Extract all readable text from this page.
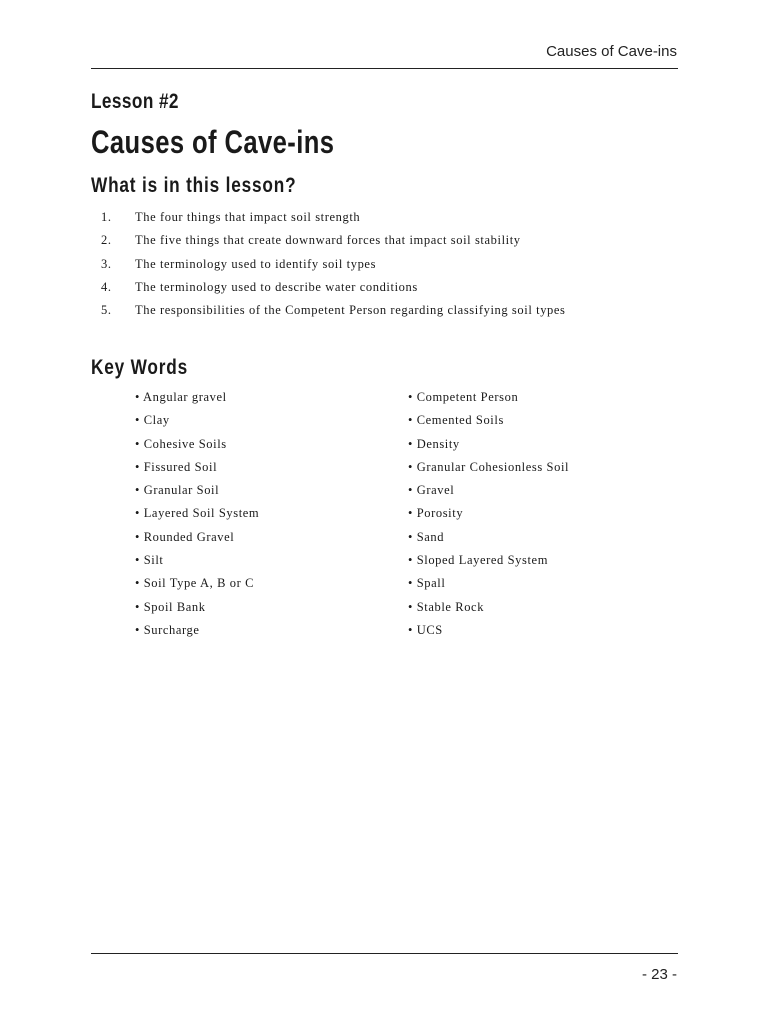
Causes of Cave-ins
Lesson #2
Causes of Cave-ins
What is in this lesson?
1.	The four things that impact soil strength
2.	The five things that create downward forces that impact soil stability
3.	The terminology used to identify soil types
4.	The terminology used to describe water conditions
5.	The responsibilities of the Competent Person regarding classifying soil types
Key Words
• Angular gravel
• Clay
• Cohesive Soils
• Fissured Soil
• Granular Soil
• Layered Soil System
• Rounded Gravel
• Silt
• Soil Type A, B or C
• Spoil Bank
• Surcharge
• Competent Person
• Cemented Soils
• Density
• Granular Cohesionless Soil
• Gravel
• Porosity
• Sand
• Sloped Layered System
• Spall
• Stable Rock
• UCS
- 23 -
